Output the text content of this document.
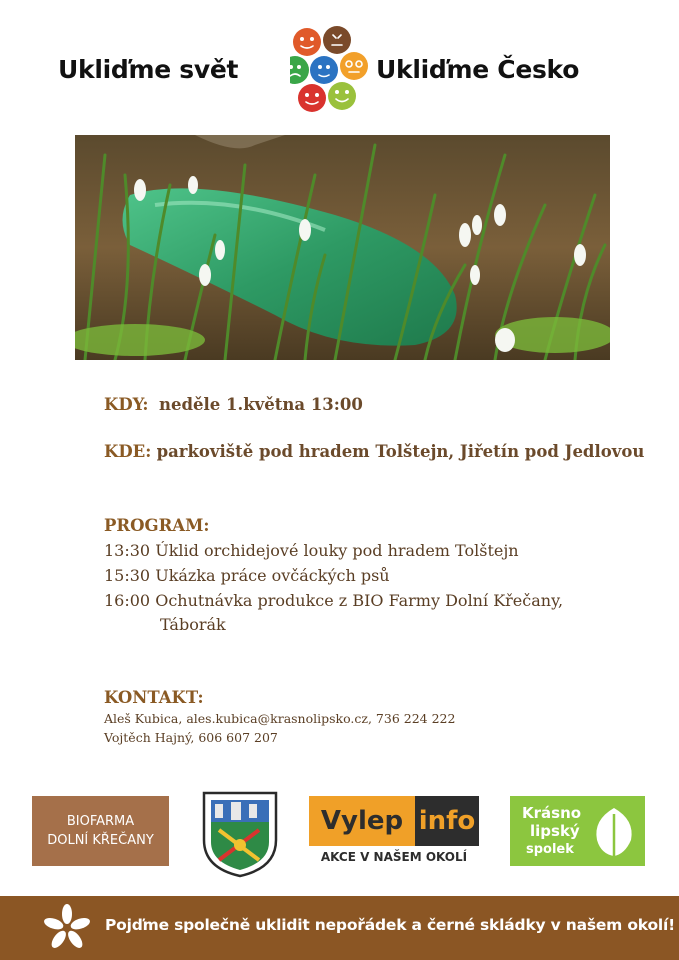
Ukliďme svět	Ukliďme Česko
KDY: neděle 1.května 13:00
KDE: parkoviště pod hradem Tolštejn, Jiřetín pod Jedlovou
PROGRAM:
13:30 Úklid orchidejové louky pod hradem Tolštejn
15:30 Ukázka práce ovčáckých psů
16:00 Ochutnávka produkce z BIO Farmy Dolní Křečany,
Táborák
KONTAKT:
Aleš Kubica, ales.kubica@krasnolipsko.cz, 736 224 222
Vojtěch Hajný, 606 607 207
BIOFARMA
DOLNÍ KŘEČANY
Vylep info
AKCE V NAŠEM OKOLÍ
Krásno
lipský
spolek
Pojďme společně uklidit nepořádek a černé skládky v našem okolí!
